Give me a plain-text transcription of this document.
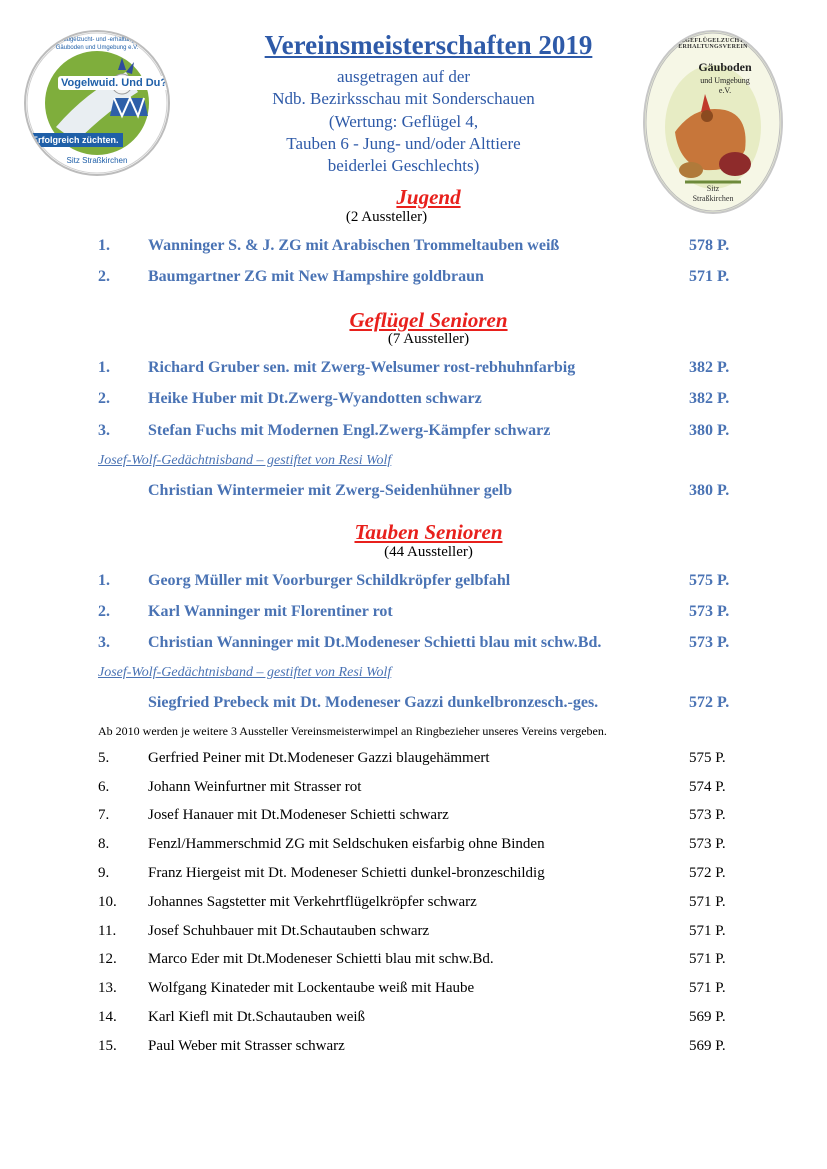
Vogelwuid. Und Du?
Erfolgreich züchten.
Sitz Straßkirchen
Rassegeflügelzucht- und -erhaltungsverein Gäuboden und Umgebung e.V.
RASSEGEFLÜGELZUCHT-UND-ERHALTUNGSVEREIN
Gäuboden
und Umgebung
e.V.
Sitz
Straßkirchen
Vereinsmeisterschaften 2019
ausgetragen auf der
Ndb. Bezirksschau mit Sonderschauen
(Wertung: Geflügel 4,
Tauben 6 - Jung- und/oder Alttiere
beiderlei Geschlechts)
Jugend
(2 Aussteller)
1. Wanninger S. & J. ZG mit Arabischen Trommeltauben weiß	578 P.
2. Baumgartner ZG mit New Hampshire goldbraun	571 P.
Geflügel Senioren
(7 Aussteller)
1. Richard Gruber sen. mit Zwerg-Welsumer rost-rebhuhnfarbig	382 P.
2. Heike Huber mit Dt.Zwerg-Wyandotten schwarz	382 P.
3. Stefan Fuchs mit Modernen Engl.Zwerg-Kämpfer schwarz	380 P.
Josef-Wolf-Gedächtnisband – gestiftet von Resi Wolf
Christian Wintermeier mit Zwerg-Seidenhühner gelb	380 P.
Tauben Senioren
(44 Aussteller)
1. Georg Müller mit Voorburger Schildkröpfer gelbfahl	575 P.
2. Karl Wanninger mit Florentiner rot	573 P.
3. Christian Wanninger mit Dt.Modeneser Schietti blau mit schw.Bd.	573 P.
Josef-Wolf-Gedächtnisband – gestiftet von Resi Wolf
Siegfried Prebeck mit Dt. Modeneser Gazzi dunkelbronzesch.-ges.	572 P.
Ab 2010 werden je weitere 3 Aussteller Vereinsmeisterwimpel an Ringbezieher unseres Vereins vergeben.
5.	Gerfried Peiner mit Dt.Modeneser Gazzi blaugehämmert	575 P.
6.	Johann Weinfurtner mit Strasser rot	574 P.
7.	Josef Hanauer mit Dt.Modeneser Schietti schwarz	573 P.
8.	Fenzl/Hammerschmid ZG mit Seldschuken eisfarbig ohne Binden	573 P.
9.	Franz Hiergeist mit Dt. Modeneser Schietti dunkel-bronzeschildig	572 P.
10. Johannes Sagstetter mit Verkehrtflügelkröpfer schwarz	571 P.
11. Josef Schuhbauer mit Dt.Schautauben schwarz	571 P.
12. Marco Eder mit Dt.Modeneser Schietti blau mit schw.Bd.	571 P.
13. Wolfgang Kinateder mit Lockentaube weiß mit Haube	571 P.
14. Karl Kiefl mit Dt.Schautauben weiß	569 P.
15. Paul Weber mit Strasser schwarz	569 P.
